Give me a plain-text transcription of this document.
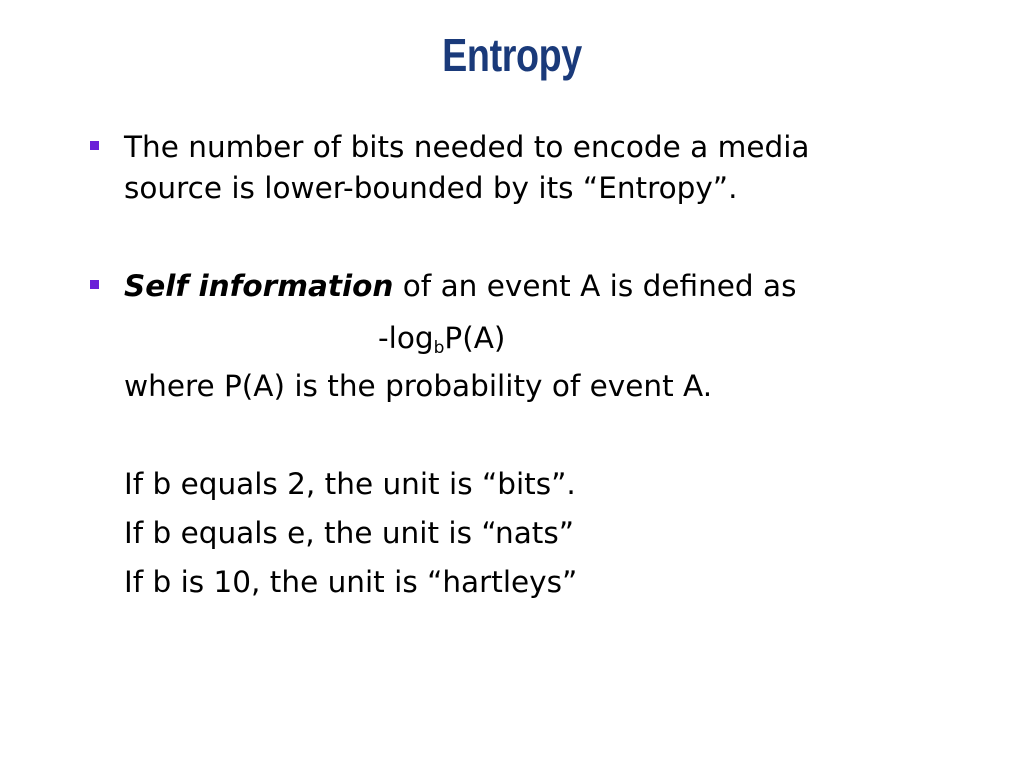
Entropy
The number of bits needed to encode a media
source is lower-bounded by its “Entropy”.
Self information of an event A is defined as
$-\log_bP(A)$
where P(A) is the probability of event A.
If b equals 2, the unit is “bits”.
If b equals e, the unit is “nats”
If b is 10, the unit is “hartleys”
